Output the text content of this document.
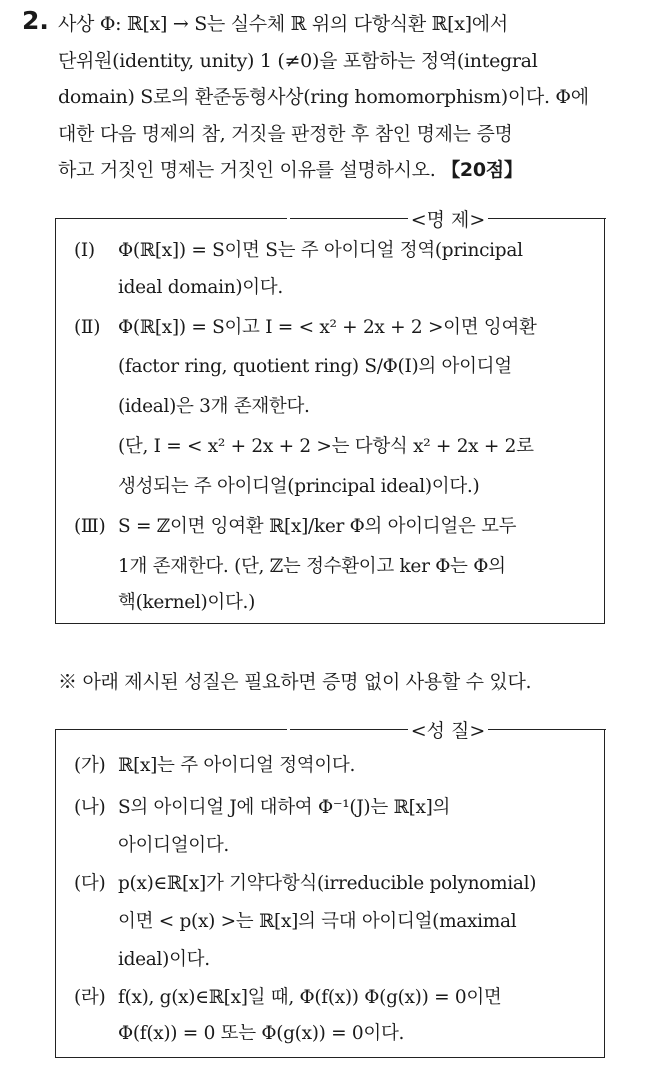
2. 사상 Φ: ℝ[x] → S는 실수체 ℝ 위의 다항식환 ℝ[x]에서
단위원(identity, unity) 1 (≠0)을 포함하는 정역(integral
domain) S로의 환준동형사상(ring homomorphism)이다. Φ에
대한 다음 명제의 참, 거짓을 판정한 후 참인 명제는 증명
하고 거짓인 명제는 거짓인 이유를 설명하시오. 【20점】
<명 제>
(Ⅰ) Φ(ℝ[x]) = S이면 S는 주 아이디얼 정역(principal
ideal domain)이다.
(Ⅱ) Φ(ℝ[x]) = S이고 I = < x² + 2x + 2 >이면 잉여환
(factor ring, quotient ring) S/Φ(I)의 아이디얼
(ideal)은 3개 존재한다.
(단, I = < x² + 2x + 2 >는 다항식 x² + 2x + 2로
생성되는 주 아이디얼(principal ideal)이다.)
(Ⅲ) S = ℤ이면 잉여환 ℝ[x]/ker Φ의 아이디얼은 모두
1개 존재한다. (단, ℤ는 정수환이고 ker Φ는 Φ의
핵(kernel)이다.)
※ 아래 제시된 성질은 필요하면 증명 없이 사용할 수 있다.
<성 질>
(가) ℝ[x]는 주 아이디얼 정역이다.
(나) S의 아이디얼 J에 대하여 Φ⁻¹(J)는 ℝ[x]의
아이디얼이다.
(다) p(x)∈ℝ[x]가 기약다항식(irreducible polynomial)
이면 < p(x) >는 ℝ[x]의 극대 아이디얼(maximal
ideal)이다.
(라) f(x), g(x)∈ℝ[x]일 때, Φ(f(x)) Φ(g(x)) = 0이면
Φ(f(x)) = 0 또는 Φ(g(x)) = 0이다.
